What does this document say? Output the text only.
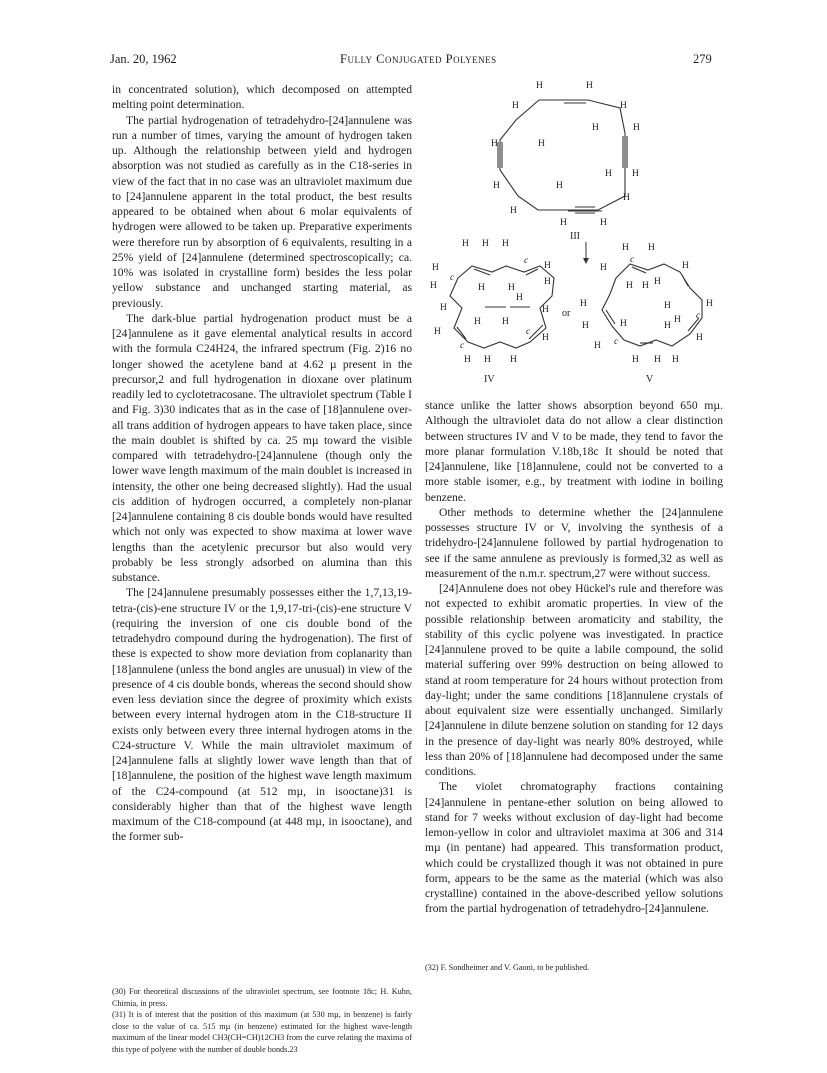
Jan. 20, 1962	Fully Conjugated Polyenes	279

in concentrated solution), which decomposed on attempted melting point determination.

The partial hydrogenation of tetradehydro-[24]annulene was run a number of times, varying the amount of hydrogen taken up. Although the relationship between yield and hydrogen absorption was not studied as carefully as in the C18-series in view of the fact that in no case was an ultraviolet maximum due to [24]annulene apparent in the total product, the best results appeared to be obtained when about 6 molar equivalents of hydrogen were allowed to be taken up. Preparative experiments were therefore run by absorption of 6 equivalents, resulting in a 25% yield of [24]annulene (determined spectroscopically; ca. 10% was isolated in crystalline form) besides the less polar yellow substance and unchanged starting material, as previously.

The dark-blue partial hydrogenation product must be a [24]annulene as it gave elemental analytical results in accord with the formula C24H24, the infrared spectrum (Fig. 2)16 no longer showed the acetylene band at 4.62 µ present in the precursor,2 and full hydrogenation in dioxane over platinum readily led to cyclotetracosane. The ultraviolet spectrum (Table I and Fig. 3)30 indicates that as in the case of [18]annulene over-all trans addition of hydrogen appears to have taken place, since the main doublet is shifted by ca. 25 mµ toward the visible compared with tetradehydro-[24]annulene (though only the lower wave length maximum of the main doublet is increased in intensity, the other one being decreased slightly). Had the usual cis addition of hydrogen occurred, a completely non-planar [24]annulene containing 8 cis double bonds would have resulted which not only was expected to show maxima at lower wave lengths than the acetylenic precursor but also would very probably be less strongly adsorbed on alumina than this substance.

The [24]annulene presumably possesses either the 1,7,13,19-tetra-(cis)-ene structure IV or the 1,9,17-tri-(cis)-ene structure V (requiring the inversion of one cis double bond of the tetradehydro compound during the hydrogenation). The first of these is expected to show more deviation from coplanarity than [18]annulene (unless the bond angles are unusual) in view of the presence of 4 cis double bonds, whereas the second should show even less deviation since the degree of proximity which exists between every internal hydrogen atom in the C18-structure II exists only between every three internal hydrogen atoms in the C24-structure V. While the main ultraviolet maximum of [24]annulene falls at slightly lower wave length than that of [18]annulene, the position of the highest wave length maximum of the C24-compound (at 512 mµ, in isooctane)31 is considerably higher than that of the highest wave length maximum of the C18-compound (at 448 mµ, in isooctane), and the former sub-

(30) For theoretical discussions of the ultraviolet spectrum, see footnote 18c; H. Kuhn, Chimia, in press.

(31) It is of interest that the position of this maximum (at 530 mµ, in benzene) is fairly close to the value of ca. 515 mµ (in benzene) estimated for the highest wave-length maximum of the linear model CH3(CH=CH)12CH3 from the curve relating the maxima of this type of polyene with the number of double bonds.23

H	H
H	H
H	H
H	H
H H
H	H
H
H
H	H
III
H H H
H
c
c H
H	H H
H
H
H
H H
H
H
c
c
H
H H H
IV
or
H H
H
c
H
H H H
H	H	H
c
H	H	H
H
H
H c
H H H
V

stance unlike the latter shows absorption beyond 650 mµ. Although the ultraviolet data do not allow a clear distinction between structures IV and V to be made, they tend to favor the more planar formulation V.18b,18c It should be noted that [24]annulene, like [18]annulene, could not be converted to a more stable isomer, e.g., by treatment with iodine in boiling benzene.

Other methods to determine whether the [24]annulene possesses structure IV or V, involving the synthesis of a tridehydro-[24]annulene followed by partial hydrogenation to see if the same annulene as previously is formed,32 as well as measurement of the n.m.r. spectrum,27 were without success.

[24]Annulene does not obey Hückel's rule and therefore was not expected to exhibit aromatic properties. In view of the possible relationship between aromaticity and stability, the stability of this cyclic polyene was investigated. In practice [24]annulene proved to be quite a labile compound, the solid material suffering over 99% destruction on being allowed to stand at room temperature for 24 hours without protection from day-light; under the same conditions [18]annulene crystals of about equivalent size were essentially unchanged. Similarly [24]annulene in dilute benzene solution on standing for 12 days in the presence of day-light was nearly 80% destroyed, while less than 20% of [18]annulene had decomposed under the same conditions.

The violet chromatography fractions containing [24]annulene in pentane-ether solution on being allowed to stand for 7 weeks without exclusion of day-light had become lemon-yellow in color and ultraviolet maxima at 306 and 314 mµ (in pentane) had appeared. This transformation product, which could be crystallized though it was not obtained in pure form, appears to be the same as the material (which was also crystalline) contained in the above-described yellow solutions from the partial hydrogenation of tetradehydro-[24]annulene.

(32) F. Sondheimer and V. Gaoni, to be published.
